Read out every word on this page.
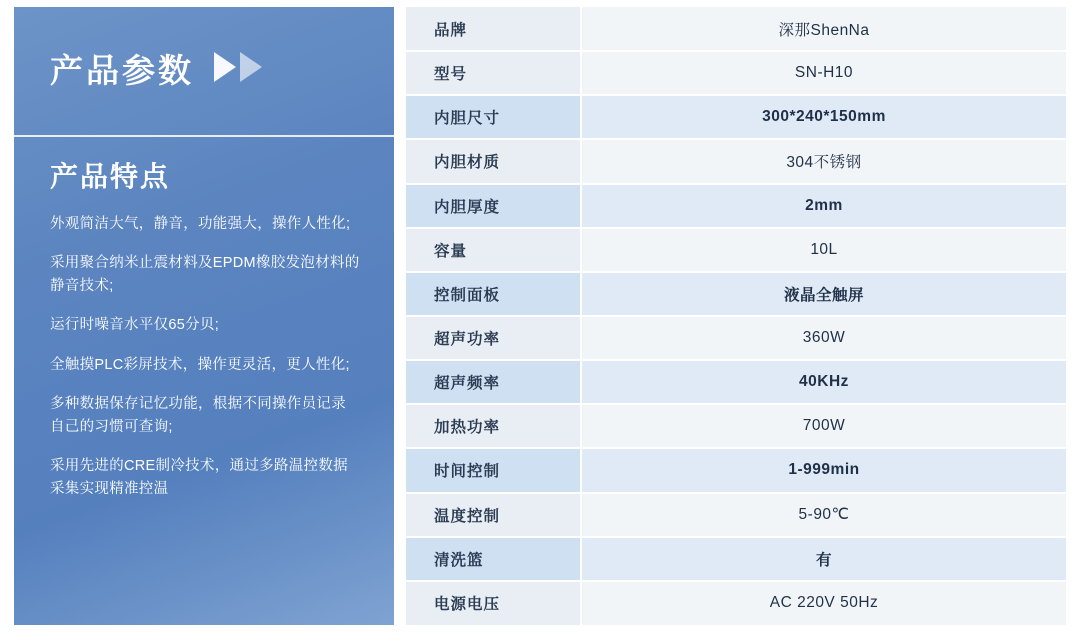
产品参数
产品特点
外观简洁大气，静音，功能强大，操作人性化;
采用聚合纳米止震材料及EPDM橡胶发泡材料的静音技术;
运行时噪音水平仅65分贝;
全触摸PLC彩屏技术，操作更灵活，更人性化;
多种数据保存记忆功能，根据不同操作员记录自己的习惯可查询;
采用先进的CRE制冷技术，通过多路温控数据采集实现精准控温
品牌	深那ShenNa
型号	SN-H10
内胆尺寸	300*240*150mm
内胆材质	304不锈钢
内胆厚度	2mm
容量	10L
控制面板	液晶全触屏
超声功率	360W
超声频率	40KHz
加热功率	700W
时间控制	1-999min
温度控制	5-90℃
清洗篮	有
电源电压	AC 220V 50Hz
